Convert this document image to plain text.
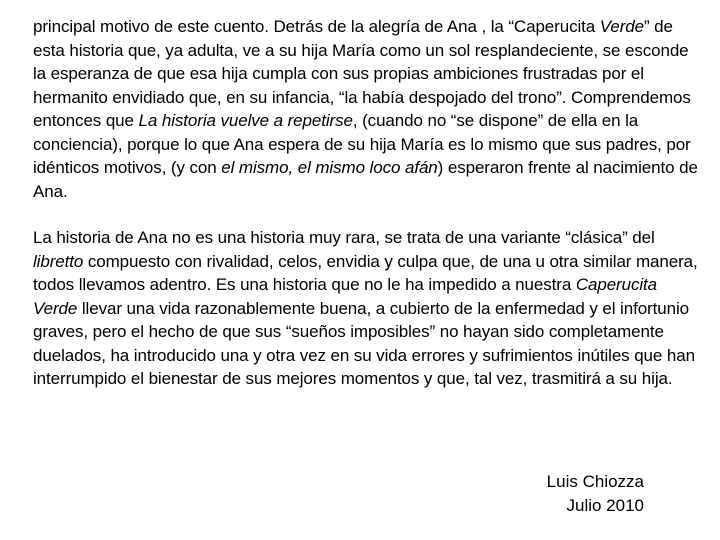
principal motivo de este cuento. Detrás de la alegría de Ana , la “Caperucita Verde” de esta historia que, ya adulta, ve a su hija María como un sol resplandeciente, se esconde la esperanza de que esa hija cumpla con sus propias ambiciones frustradas por el hermanito envidiado que, en su infancia, “la había despojado del trono”. Comprendemos entonces que La historia vuelve a repetirse, (cuando no “se dispone” de ella en la conciencia), porque lo que Ana espera de su hija María es lo mismo que sus padres, por idénticos motivos, (y con el mismo, el mismo loco afán) esperaron frente al nacimiento de Ana.

La historia de Ana no es una historia muy rara, se trata de una variante “clásica” del libretto compuesto con rivalidad, celos, envidia y culpa que, de una u otra similar manera, todos llevamos adentro. Es una historia que no le ha impedido a nuestra Caperucita Verde llevar una vida razonablemente buena, a cubierto de la enfermedad y el infortunio graves, pero el hecho de que sus “sueños imposibles” no hayan sido completamente duelados, ha introducido una y otra vez en su vida errores y sufrimientos inútiles que han interrumpido el bienestar de sus mejores momentos y que, tal vez, trasmitirá a su hija.

Luis Chiozza
Julio 2010
